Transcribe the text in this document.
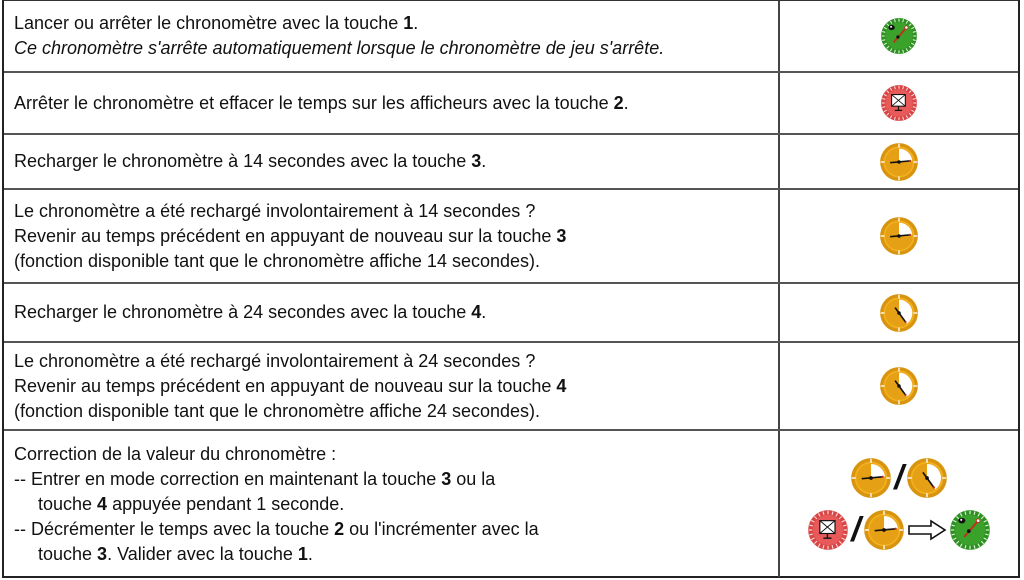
Lancer ou arrêter le chronomètre avec la touche 1.
Ce chronomètre s'arrête automatiquement lorsque le chronomètre de jeu s'arrête.
Arrêter le chronomètre et effacer le temps sur les afficheurs avec la touche 2.
Recharger le chronomètre à 14 secondes avec la touche 3.
Le chronomètre a été rechargé involontairement à 14 secondes ?
Revenir au temps précédent en appuyant de nouveau sur la touche 3
(fonction disponible tant que le chronomètre affiche 14 secondes).
Recharger le chronomètre à 24 secondes avec la touche 4.
Le chronomètre a été rechargé involontairement à 24 secondes ?
Revenir au temps précédent en appuyant de nouveau sur la touche 4
(fonction disponible tant que le chronomètre affiche 24 secondes).
Correction de la valeur du chronomètre :
-- Entrer en mode correction en maintenant la touche 3 ou la
touche 4 appuyée pendant 1 seconde.
-- Décrémenter le temps avec la touche 2 ou l'incrémenter avec la
touche 3. Valider avec la touche 1.
/
/
